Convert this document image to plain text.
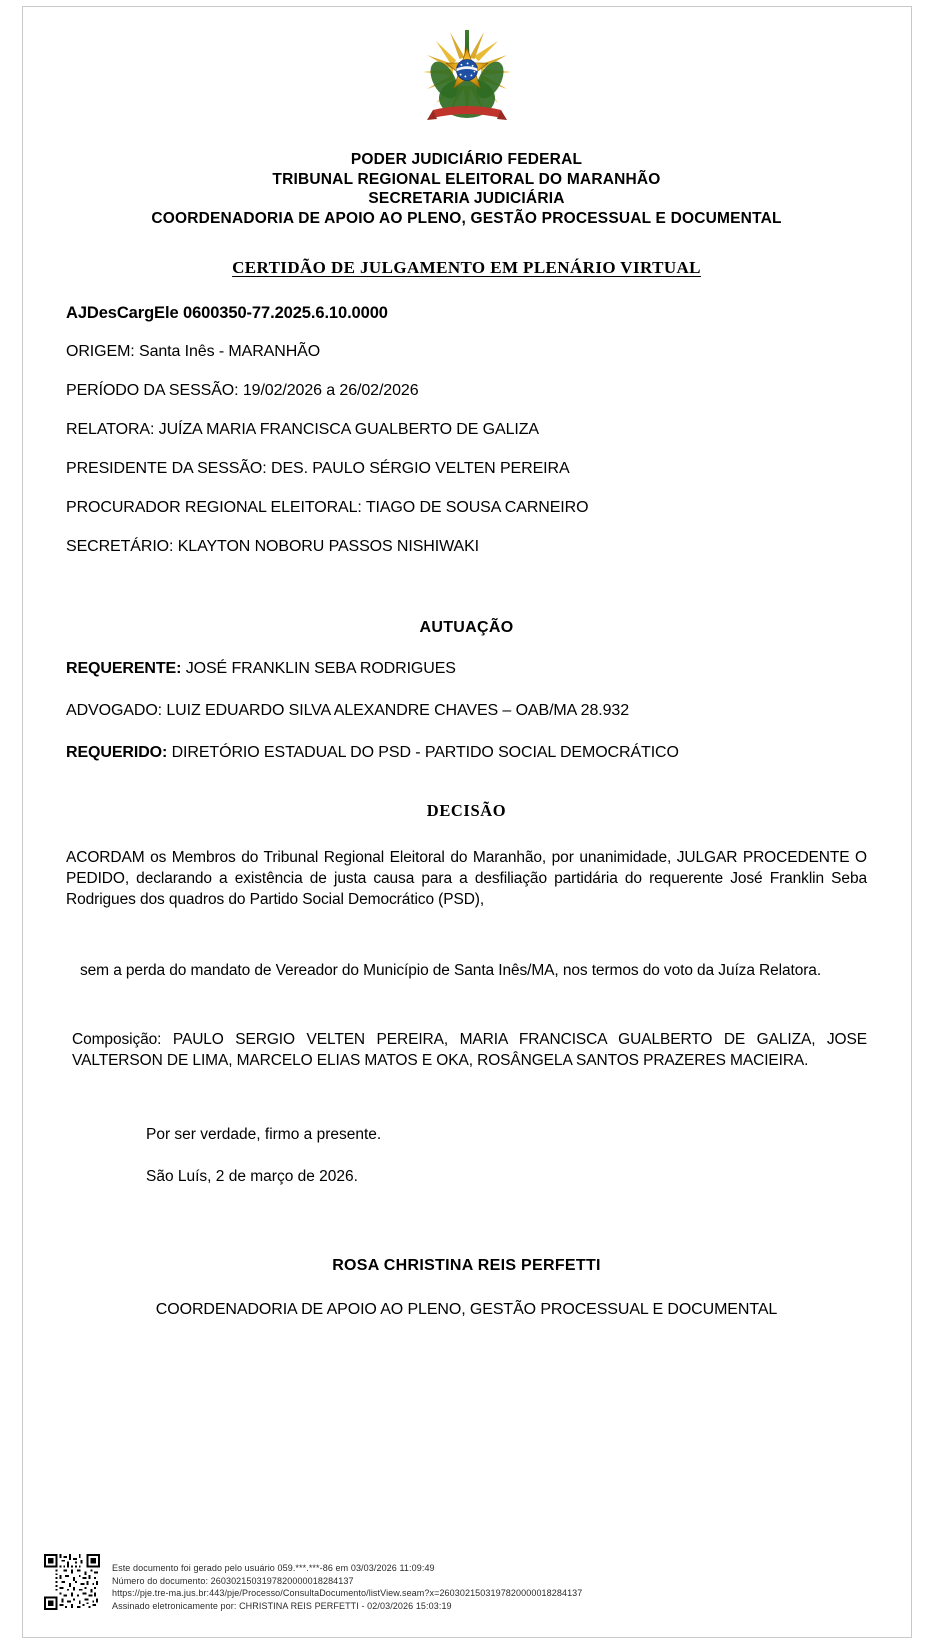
PODER JUDICIÁRIO FEDERAL
TRIBUNAL REGIONAL ELEITORAL DO MARANHÃO
SECRETARIA JUDICIÁRIA
COORDENADORIA DE APOIO AO PLENO, GESTÃO PROCESSUAL E DOCUMENTAL
CERTIDÃO DE JULGAMENTO EM PLENÁRIO VIRTUAL
AJDesCargEle 0600350-77.2025.6.10.0000
ORIGEM: Santa Inês - MARANHÃO
PERÍODO DA SESSÃO: 19/02/2026 a 26/02/2026
RELATORA: JUÍZA MARIA FRANCISCA GUALBERTO DE GALIZA
PRESIDENTE DA SESSÃO: DES. PAULO SÉRGIO VELTEN PEREIRA
PROCURADOR REGIONAL ELEITORAL: TIAGO DE SOUSA CARNEIRO
SECRETÁRIO: KLAYTON NOBORU PASSOS NISHIWAKI
AUTUAÇÃO
REQUERENTE: JOSÉ FRANKLIN SEBA RODRIGUES
ADVOGADO: LUIZ EDUARDO SILVA ALEXANDRE CHAVES – OAB/MA 28.932
REQUERIDO: DIRETÓRIO ESTADUAL DO PSD - PARTIDO SOCIAL DEMOCRÁTICO
DECISÃO
ACORDAM os Membros do Tribunal Regional Eleitoral do Maranhão, por unanimidade, JULGAR PROCEDENTE O PEDIDO, declarando a existência de justa causa para a desfiliação partidária do requerente José Franklin Seba Rodrigues dos quadros do Partido Social Democrático (PSD),
sem a perda do mandato de Vereador do Município de Santa Inês/MA, nos termos do voto da Juíza Relatora.
Composição: PAULO SERGIO VELTEN PEREIRA, MARIA FRANCISCA GUALBERTO DE GALIZA, JOSE VALTERSON DE LIMA, MARCELO ELIAS MATOS E OKA, ROSÂNGELA SANTOS PRAZERES MACIEIRA.
Por ser verdade, firmo a presente.
São Luís, 2 de março de 2026.
ROSA CHRISTINA REIS PERFETTI
COORDENADORIA DE APOIO AO PLENO, GESTÃO PROCESSUAL E DOCUMENTAL
Este documento foi gerado pelo usuário 059.***.***-86 em 03/03/2026 11:09:49
Número do documento: 2603021503197820000018284137
https://pje.tre-ma.jus.br:443/pje/Processo/ConsultaDocumento/listView.seam?x=2603021503197820000018284137
Assinado eletronicamente por: CHRISTINA REIS PERFETTI - 02/03/2026 15:03:19
